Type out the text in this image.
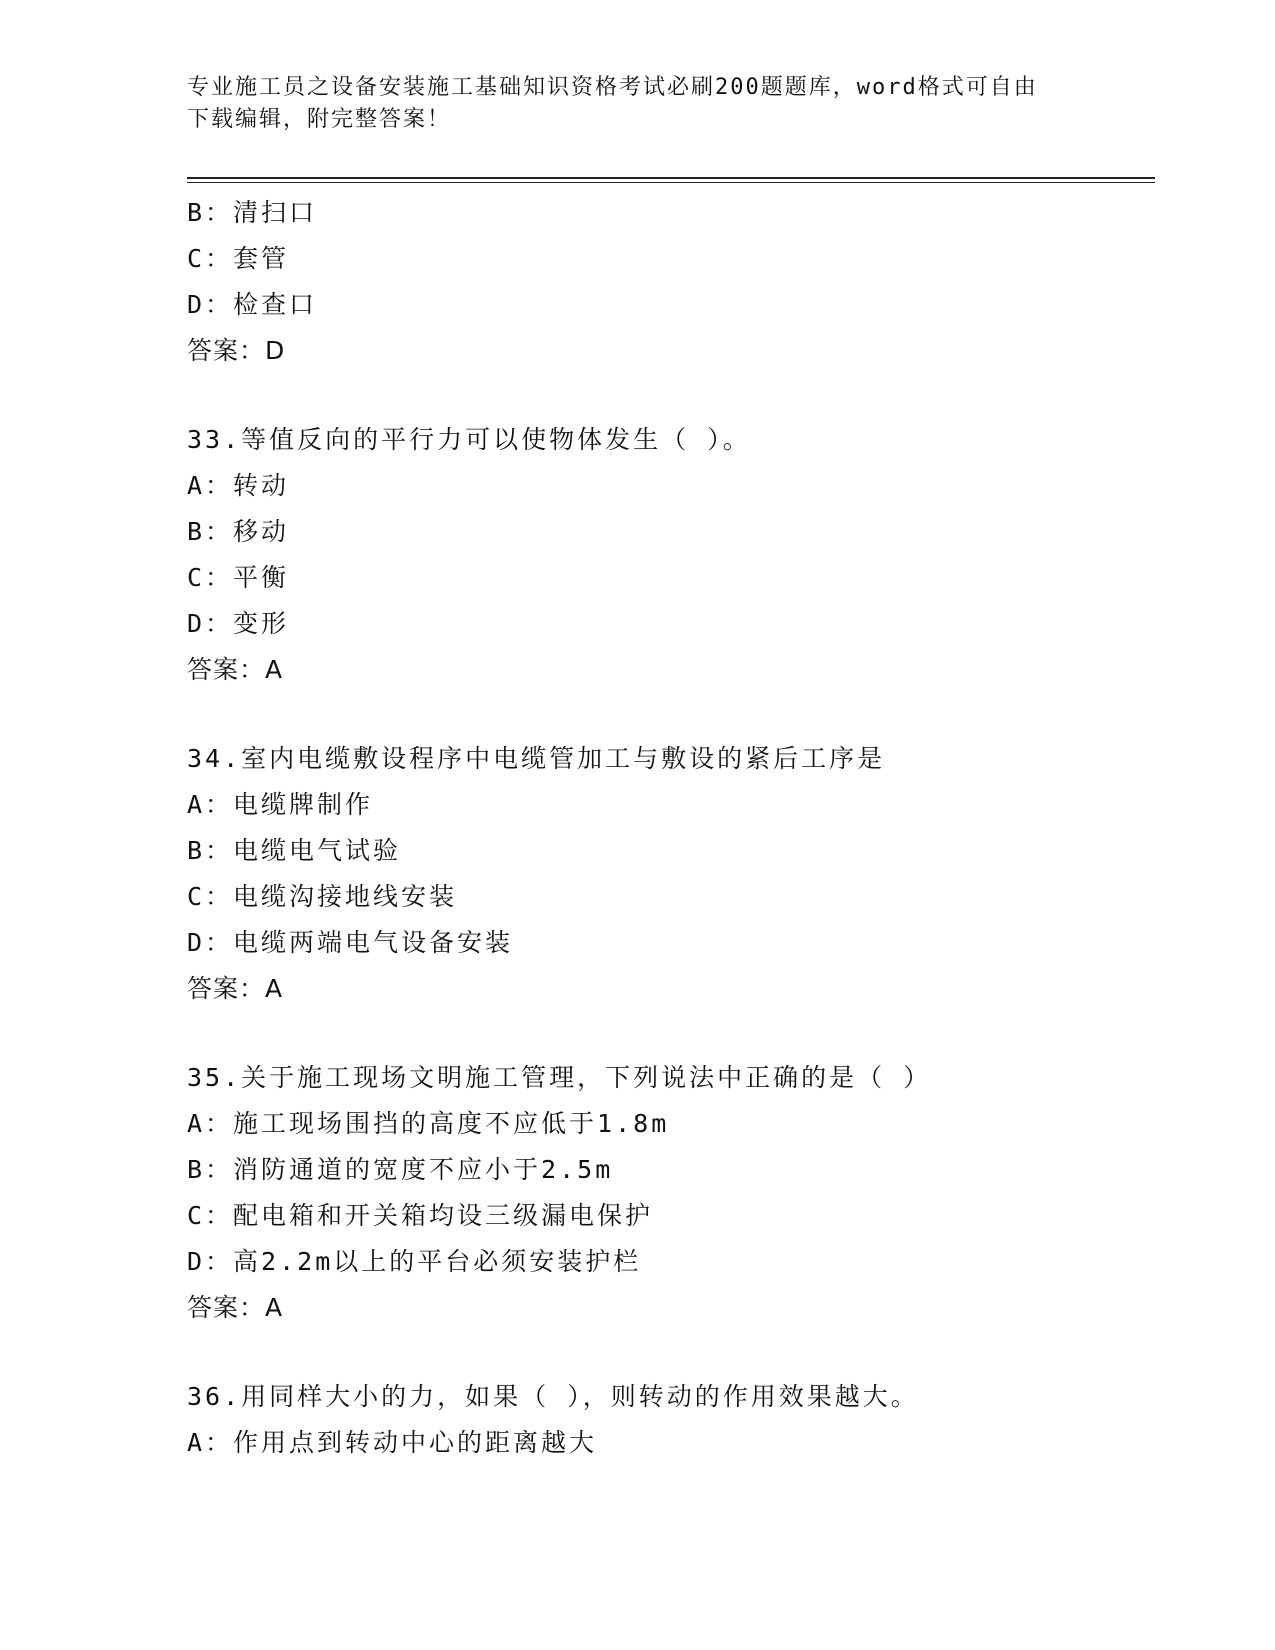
专业施工员之设备安装施工基础知识资格考试必刷200题题库，word格式可自由
下载编辑，附完整答案！
B：清扫口
C：套管
D：检查口
答案：D
33.等值反向的平行力可以使物体发生（ ）。
A：转动
B：移动
C：平衡
D：变形
答案：A
34.室内电缆敷设程序中电缆管加工与敷设的紧后工序是
A：电缆牌制作
B：电缆电气试验
C：电缆沟接地线安装
D：电缆两端电气设备安装
答案：A
35.关于施工现场文明施工管理，下列说法中正确的是（ ）
A：施工现场围挡的高度不应低于1.8m
B：消防通道的宽度不应小于2.5m
C：配电箱和开关箱均设三级漏电保护
D：高2.2m以上的平台必须安装护栏
答案：A
36.用同样大小的力，如果（ ），则转动的作用效果越大。
A：作用点到转动中心的距离越大
